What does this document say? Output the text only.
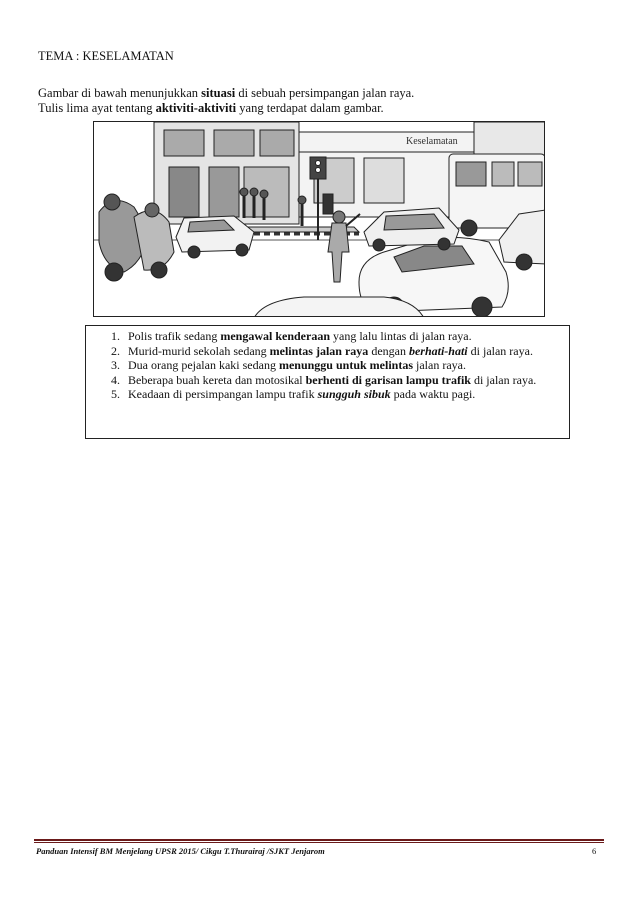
TEMA : KESELAMATAN
Gambar di bawah menunjukkan situasi di sebuah persimpangan jalan raya.
Tulis lima ayat tentang aktiviti-aktiviti yang terdapat dalam gambar.
Keselamatan
1. Polis trafik sedang mengawal kenderaan yang lalu lintas di jalan raya.
2. Murid-murid sekolah sedang melintas jalan raya dengan berhati-hati di jalan raya.
3. Dua orang pejalan kaki sedang menunggu untuk melintas jalan raya.
4. Beberapa buah kereta dan motosikal berhenti di garisan lampu trafik di jalan raya.
5. Keadaan di persimpangan lampu trafik sungguh sibuk pada waktu pagi.
Panduan Intensif BM Menjelang UPSR 2015/ Cikgu T.Thurairaj /SJKT Jenjarom	6
